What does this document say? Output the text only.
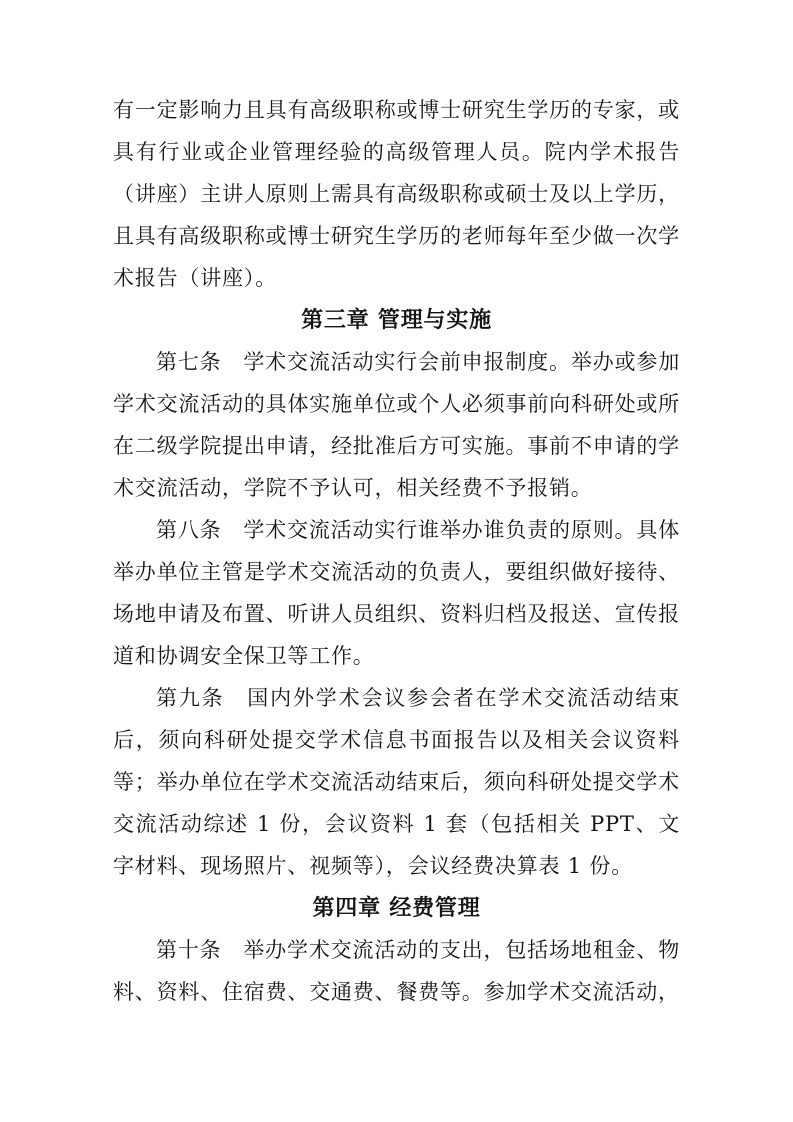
有一定影响力且具有高级职称或博士研究生学历的专家，或具有行业或企业管理经验的高级管理人员。院内学术报告（讲座）主讲人原则上需具有高级职称或硕士及以上学历，且具有高级职称或博士研究生学历的老师每年至少做一次学术报告（讲座）。

第三章 管理与实施

第七条　学术交流活动实行会前申报制度。举办或参加学术交流活动的具体实施单位或个人必须事前向科研处或所在二级学院提出申请，经批准后方可实施。事前不申请的学术交流活动，学院不予认可，相关经费不予报销。

第八条　学术交流活动实行谁举办谁负责的原则。具体举办单位主管是学术交流活动的负责人，要组织做好接待、场地申请及布置、听讲人员组织、资料归档及报送、宣传报道和协调安全保卫等工作。

第九条　国内外学术会议参会者在学术交流活动结束后，须向科研处提交学术信息书面报告以及相关会议资料等；举办单位在学术交流活动结束后，须向科研处提交学术交流活动综述 1 份，会议资料 1 套（包括相关 PPT、文字材料、现场照片、视频等），会议经费决算表 1 份。

第四章 经费管理

第十条　举办学术交流活动的支出，包括场地租金、物料、资料、住宿费、交通费、餐费等。参加学术交流活动，
